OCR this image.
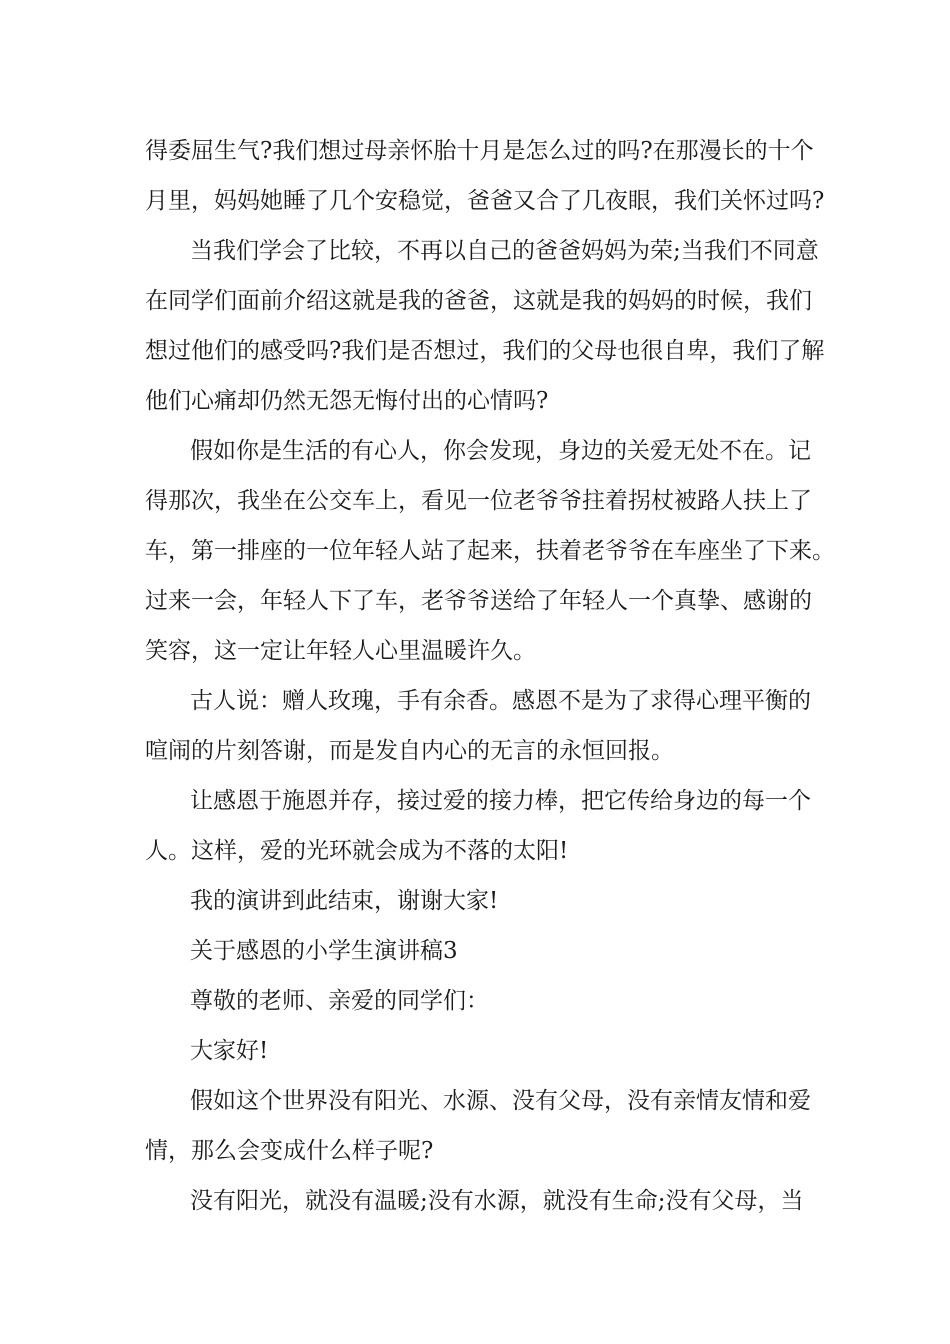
得委屈生气?我们想过母亲怀胎十月是怎么过的吗?在那漫长的十个

月里，妈妈她睡了几个安稳觉，爸爸又合了几夜眼，我们关怀过吗?

当我们学会了比较，不再以自己的爸爸妈妈为荣;当我们不同意

在同学们面前介绍这就是我的爸爸，这就是我的妈妈的时候，我们

想过他们的感受吗?我们是否想过，我们的父母也很自卑，我们了解

他们心痛却仍然无怨无悔付出的心情吗?

假如你是生活的有心人，你会发现，身边的关爱无处不在。记

得那次，我坐在公交车上，看见一位老爷爷拄着拐杖被路人扶上了

车，第一排座的一位年轻人站了起来，扶着老爷爷在车座坐了下来。

过来一会，年轻人下了车，老爷爷送给了年轻人一个真挚、感谢的

笑容，这一定让年轻人心里温暖许久。

古人说：赠人玫瑰，手有余香。感恩不是为了求得心理平衡的

喧闹的片刻答谢，而是发自内心的无言的永恒回报。

让感恩于施恩并存，接过爱的接力棒，把它传给身边的每一个

人。这样，爱的光环就会成为不落的太阳!

我的演讲到此结束，谢谢大家!

关于感恩的小学生演讲稿3

尊敬的老师、亲爱的同学们：

大家好!

假如这个世界没有阳光、水源、没有父母，没有亲情友情和爱

情，那么会变成什么样子呢?

没有阳光，就没有温暖;没有水源，就没有生命;没有父母，当
